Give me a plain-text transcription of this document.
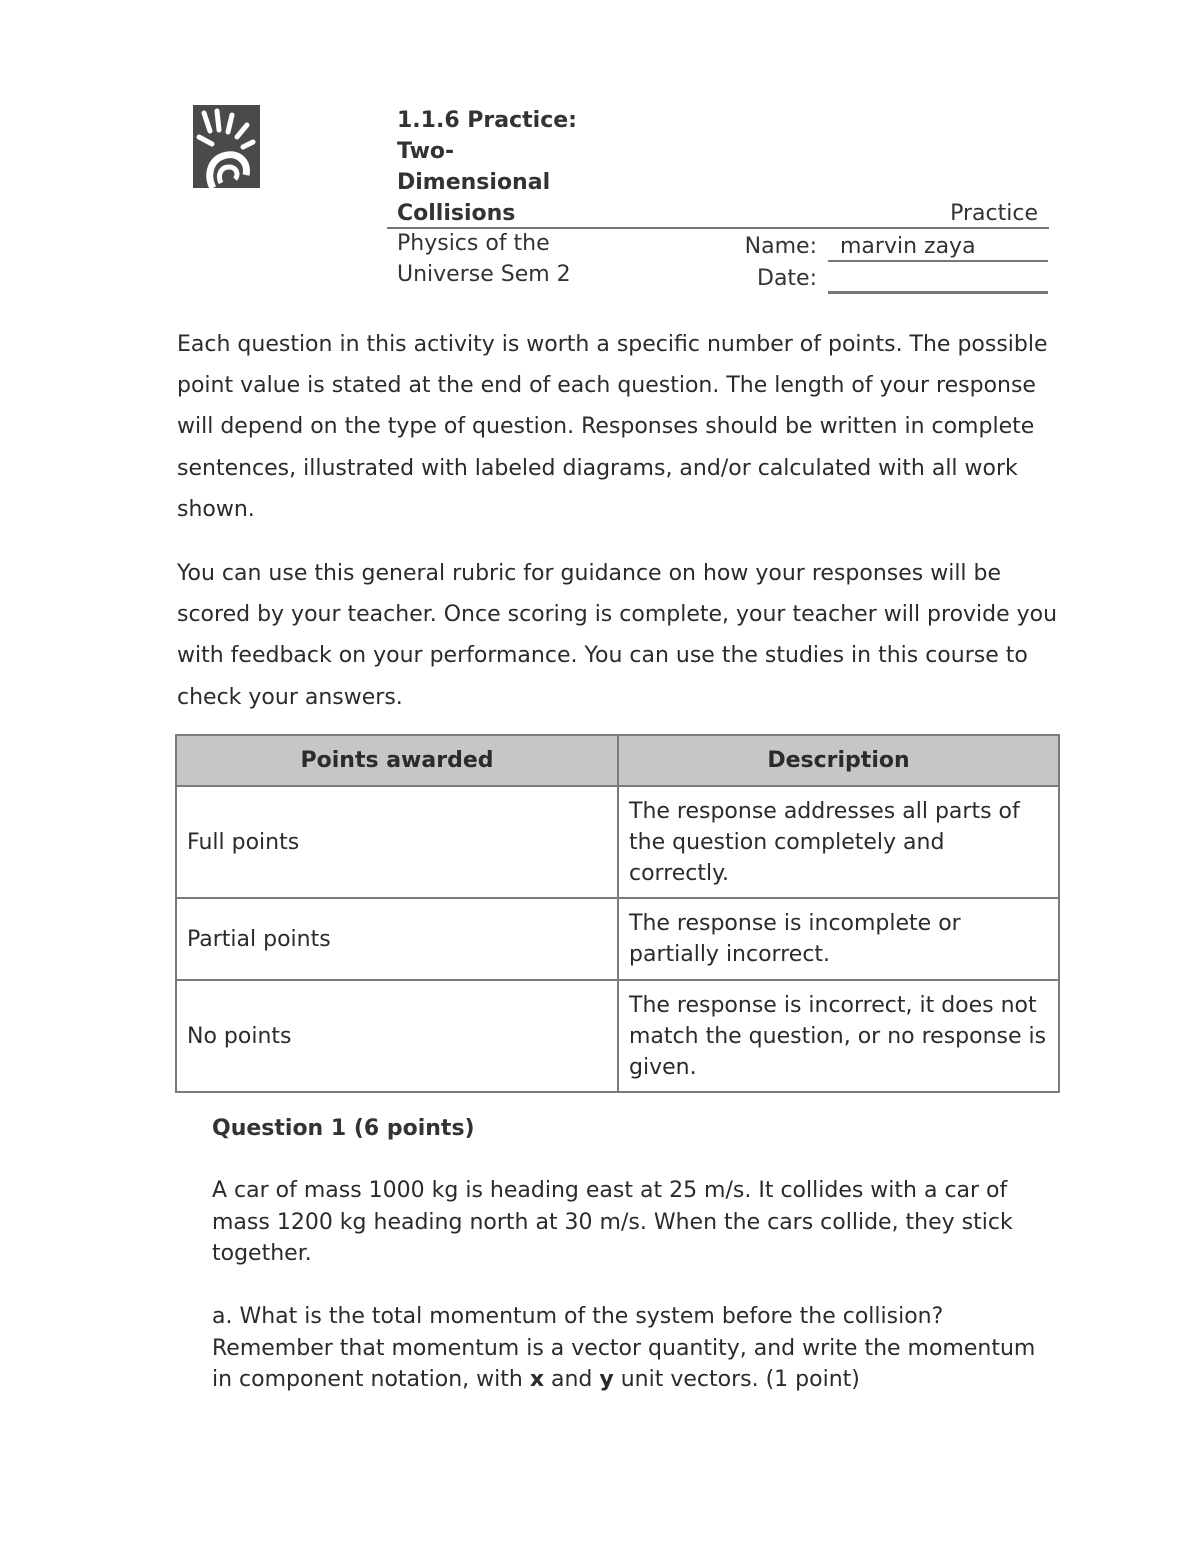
1.1.6 Practice:
Two-
Dimensional
Collisions	Practice
Physics of the
Universe Sem 2
Name: marvin zaya
Date:

Each question in this activity is worth a specific number of points. The possible point value is stated at the end of each question. The length of your response will depend on the type of question. Responses should be written in complete sentences, illustrated with labeled diagrams, and/or calculated with all work shown.

You can use this general rubric for guidance on how your responses will be scored by your teacher. Once scoring is complete, your teacher will provide you with feedback on your performance. You can use the studies in this course to check your answers.

Points awarded	Description
Full points	The response addresses all parts of the question completely and correctly.
Partial points	The response is incomplete or partially incorrect.
No points	The response is incorrect, it does not match the question, or no response is given.
Question 1 (6 points)

A car of mass 1000 kg is heading east at 25 m/s. It collides with a car of mass 1200 kg heading north at 30 m/s. When the cars collide, they stick together.

a. What is the total momentum of the system before the collision? Remember that momentum is a vector quantity, and write the momentum in component notation, with x and y unit vectors. (1 point)
